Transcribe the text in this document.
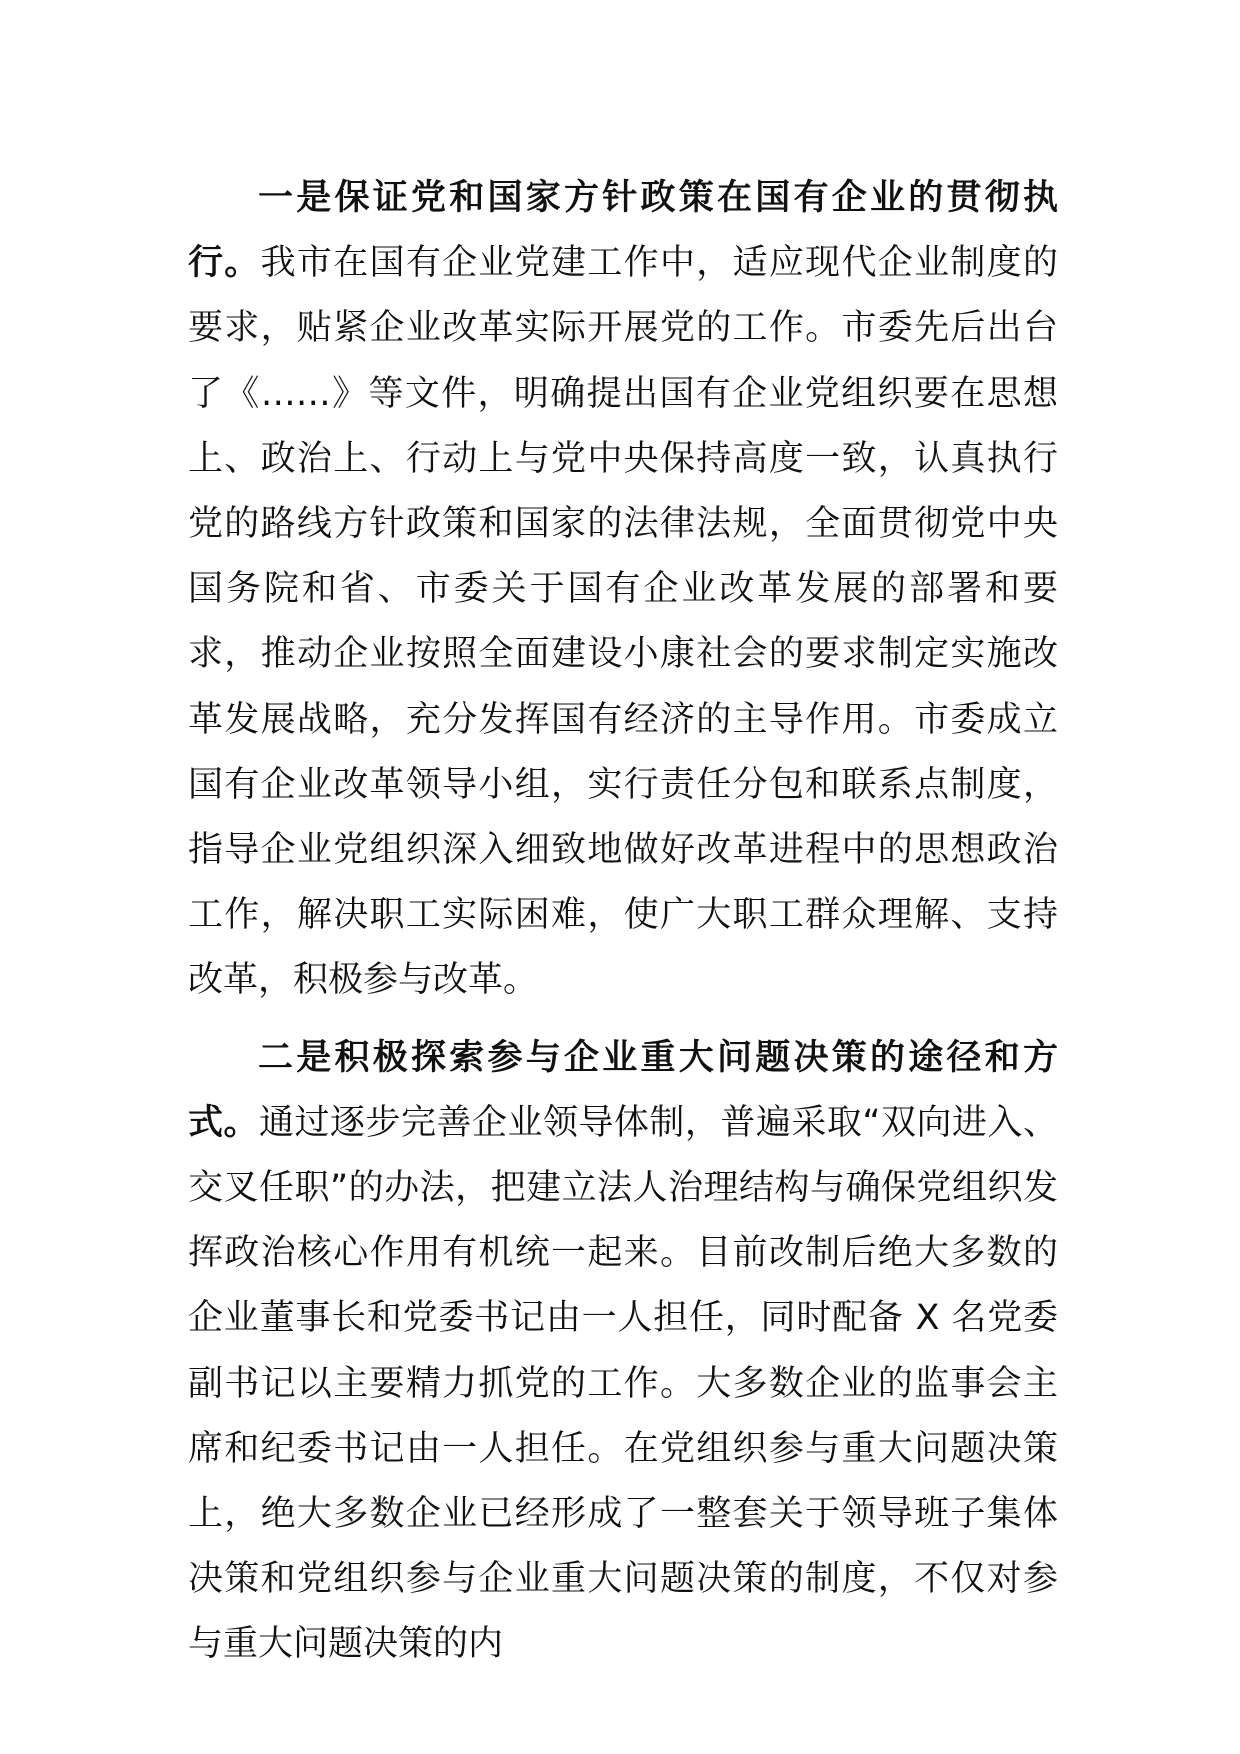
一是保证党和国家方针政策在国有企业的贯彻执行。我市在国有企业党建工作中，适应现代企业制度的要求，贴紧企业改革实际开展党的工作。市委先后出台了《……》等文件，明确提出国有企业党组织要在思想上、政治上、行动上与党中央保持高度一致，认真执行党的路线方针政策和国家的法律法规，全面贯彻党中央国务院和省、市委关于国有企业改革发展的部署和要求，推动企业按照全面建设小康社会的要求制定实施改革发展战略，充分发挥国有经济的主导作用。市委成立国有企业改革领导小组，实行责任分包和联系点制度，指导企业党组织深入细致地做好改革进程中的思想政治工作，解决职工实际困难，使广大职工群众理解、支持改革，积极参与改革。

二是积极探索参与企业重大问题决策的途径和方式。通过逐步完善企业领导体制，普遍采取“双向进入、交叉任职”的办法，把建立法人治理结构与确保党组织发挥政治核心作用有机统一起来。目前改制后绝大多数的企业董事长和党委书记由一人担任，同时配备 X 名党委副书记以主要精力抓党的工作。大多数企业的监事会主席和纪委书记由一人担任。在党组织参与重大问题决策上，绝大多数企业已经形成了一整套关于领导班子集体决策和党组织参与企业重大问题决策的制度，不仅对参与重大问题决策的内
